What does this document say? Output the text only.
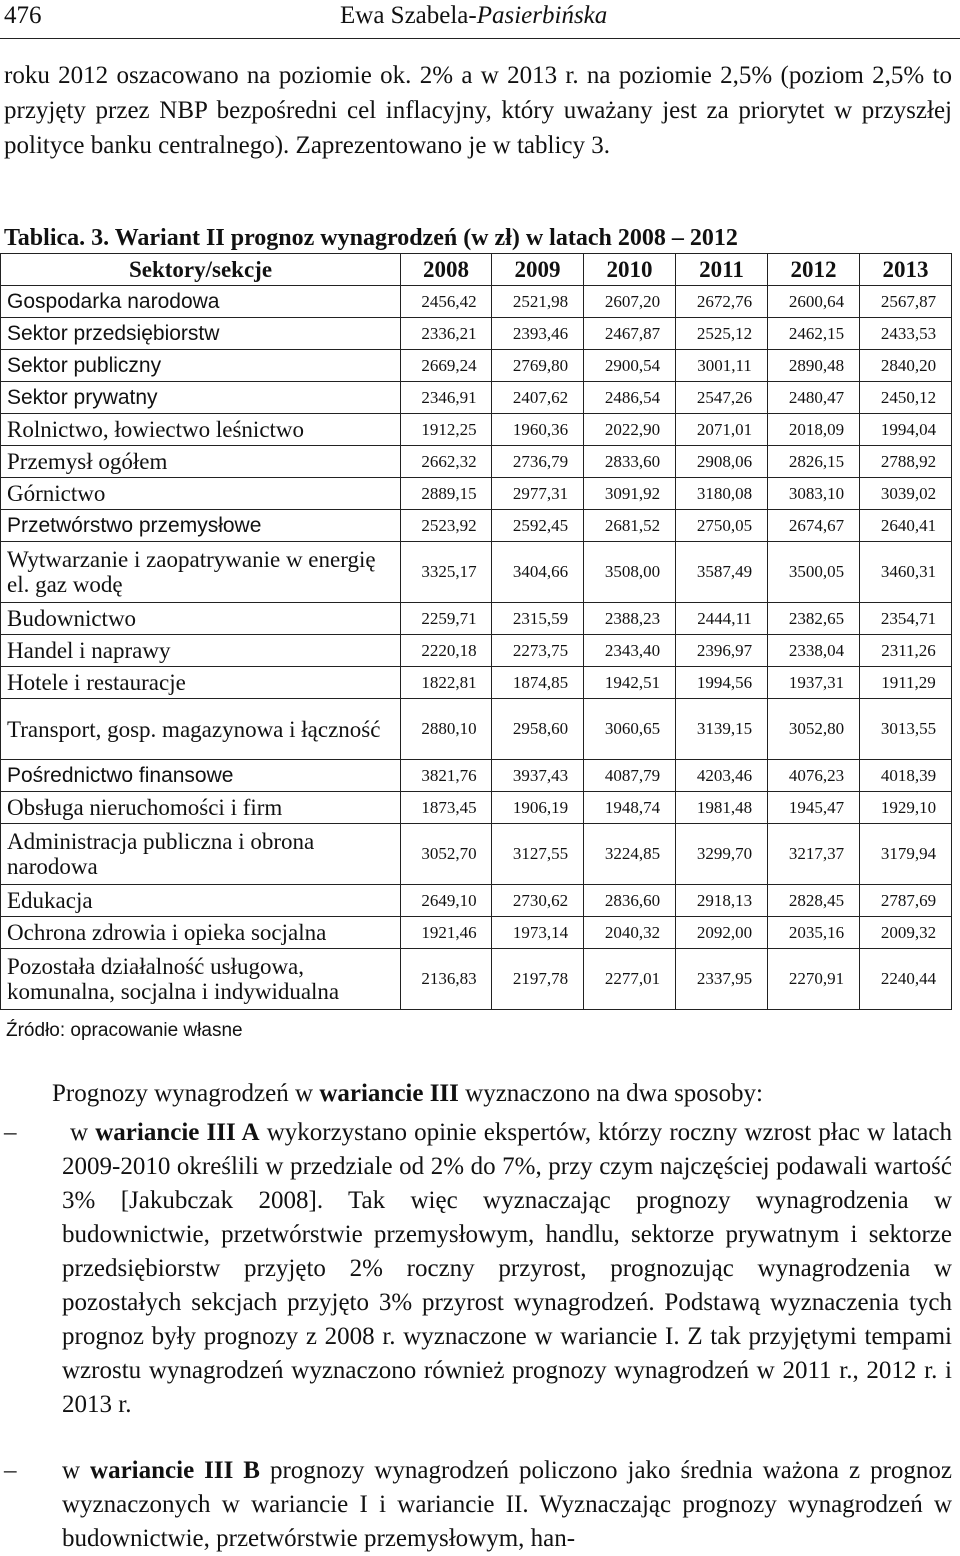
476	Ewa Szabela-Pasierbińska

roku 2012 oszacowano na poziomie ok. 2% a w 2013 r. na poziomie 2,5% (poziom 2,5% to przyjęty przez NBP bezpośredni cel inflacyjny, który uważany jest za priorytet w przyszłej polityce banku centralnego). Zaprezentowano je w tablicy 3.

Tablica. 3. Wariant II prognoz wynagrodzeń (w zł) w latach 2008 – 2012

Sektory/sekcje	2008	2009	2010	2011	2012	2013
Gospodarka narodowa	2456,42	2521,98	2607,20	2672,76	2600,64	2567,87
Sektor przedsiębiorstw	2336,21	2393,46	2467,87	2525,12	2462,15	2433,53
Sektor publiczny	2669,24	2769,80	2900,54	3001,11	2890,48	2840,20
Sektor prywatny	2346,91	2407,62	2486,54	2547,26	2480,47	2450,12
Rolnictwo, łowiectwo leśnictwo	1912,25	1960,36	2022,90	2071,01	2018,09	1994,04
Przemysł ogółem	2662,32	2736,79	2833,60	2908,06	2826,15	2788,92
Górnictwo	2889,15	2977,31	3091,92	3180,08	3083,10	3039,02
Przetwórstwo przemysłowe	2523,92	2592,45	2681,52	2750,05	2674,67	2640,41
Wytwarzanie i zaopatrywanie w energię el. gaz wodę	3325,17	3404,66	3508,00	3587,49	3500,05	3460,31
Budownictwo	2259,71	2315,59	2388,23	2444,11	2382,65	2354,71
Handel i naprawy	2220,18	2273,75	2343,40	2396,97	2338,04	2311,26
Hotele i restauracje	1822,81	1874,85	1942,51	1994,56	1937,31	1911,29
Transport, gosp. magazynowa i łączność	2880,10	2958,60	3060,65	3139,15	3052,80	3013,55
Pośrednictwo finansowe	3821,76	3937,43	4087,79	4203,46	4076,23	4018,39
Obsługa nieruchomości i firm	1873,45	1906,19	1948,74	1981,48	1945,47	1929,10
Administracja publiczna i obrona narodowa	3052,70	3127,55	3224,85	3299,70	3217,37	3179,94
Edukacja	2649,10	2730,62	2836,60	2918,13	2828,45	2787,69
Ochrona zdrowia i opieka socjalna	1921,46	1973,14	2040,32	2092,00	2035,16	2009,32
Pozostała działalność usługowa, komunalna, socjalna i indywidualna	2136,83	2197,78	2277,01	2337,95	2270,91	2240,44

Źródło: opracowanie własne

Prognozy wynagrodzeń w wariancie III wyznaczono na dwa sposoby:

–	w wariancie III A wykorzystano opinie ekspertów, którzy roczny wzrost płac w latach 2009-2010 określili w przedziale od 2% do 7%, przy czym najczęściej podawali wartość 3% [Jakubczak 2008]. Tak więc wyznaczając prognozy wynagrodzenia w budownictwie, przetwórstwie przemysłowym, handlu, sektorze prywatnym i sektorze przedsiębiorstw przyjęto 2% roczny przyrost, prognozując wynagrodzenia w pozostałych sekcjach przyjęto 3% przyrost wynagrodzeń. Podstawą wyznaczenia tych prognoz były prognozy z 2008 r. wyznaczone w wariancie I. Z tak przyjętymi tempami wzrostu wynagrodzeń wyznaczono również prognozy wynagrodzeń w 2011 r., 2012 r. i 2013 r.

– w wariancie III B prognozy wynagrodzeń policzono jako średnia ważona z prognoz wyznaczonych w wariancie I i wariancie II. Wyznaczając prognozy wynagrodzeń w budownictwie, przetwórstwie przemysłowym, han-
